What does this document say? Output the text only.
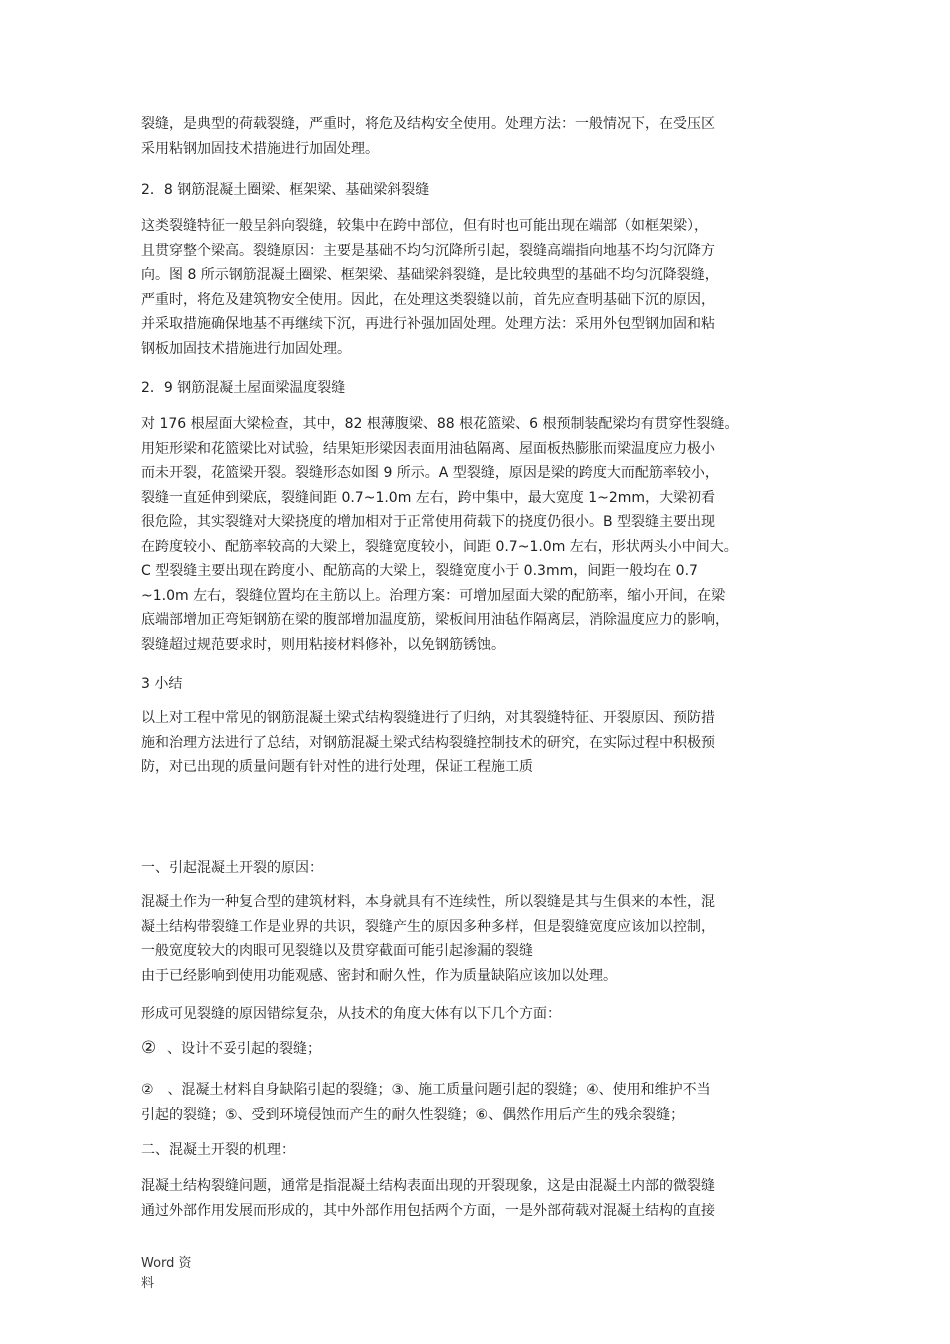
裂缝，是典型的荷载裂缝，严重时，将危及结构安全使用。处理方法：一般情况下，在受压区

采用粘钢加固技术措施进行加固处理。

2．8 钢筋混凝土圈梁、框架梁、基础梁斜裂缝

这类裂缝特征一般呈斜向裂缝，较集中在跨中部位，但有时也可能出现在端部（如框架梁），

且贯穿整个梁高。裂缝原因：主要是基础不均匀沉降所引起，裂缝高端指向地基不均匀沉降方

向。图 8 所示钢筋混凝土圈梁、框架梁、基础梁斜裂缝，是比较典型的基础不均匀沉降裂缝，

严重时，将危及建筑物安全使用。因此，在处理这类裂缝以前，首先应查明基础下沉的原因，

并采取措施确保地基不再继续下沉，再进行补强加固处理。处理方法：采用外包型钢加固和粘

钢板加固技术措施进行加固处理。

2．9 钢筋混凝土屋面梁温度裂缝

对 176 根屋面大梁检查，其中，82 根薄腹梁、88 根花篮梁、6 根预制装配梁均有贯穿性裂缝。

用矩形梁和花篮梁比对试验，结果矩形梁因表面用油毡隔离、屋面板热膨胀而梁温度应力极小

而未开裂，花篮梁开裂。裂缝形态如图 9 所示。A 型裂缝，原因是梁的跨度大而配筋率较小，

裂缝一直延伸到梁底，裂缝间距 0.7~1.0m 左右，跨中集中，最大宽度 1~2mm，大梁初看

很危险，其实裂缝对大梁挠度的增加相对于正常使用荷载下的挠度仍很小。B 型裂缝主要出现

在跨度较小、配筋率较高的大梁上，裂缝宽度较小，间距 0.7~1.0m 左右，形状两头小中间大。

C 型裂缝主要出现在跨度小、配筋高的大梁上，裂缝宽度小于 0.3mm，间距一般均在 0.7

~1.0m 左右，裂缝位置均在主筋以上。治理方案：可增加屋面大梁的配筋率，缩小开间，在梁

底端部增加正弯矩钢筋在梁的腹部增加温度筋，梁板间用油毡作隔离层，消除温度应力的影响，

裂缝超过规范要求时，则用粘接材料修补，以免钢筋锈蚀。

3 小结

以上对工程中常见的钢筋混凝土梁式结构裂缝进行了归纳，对其裂缝特征、开裂原因、预防措

施和治理方法进行了总结，对钢筋混凝土梁式结构裂缝控制技术的研究，在实际过程中积极预

防，对已出现的质量问题有针对性的进行处理，保证工程施工质

一、引起混凝土开裂的原因：

混凝土作为一种复合型的建筑材料，本身就具有不连续性，所以裂缝是其与生俱来的本性，混

凝土结构带裂缝工作是业界的共识，裂缝产生的原因多种多样，但是裂缝宽度应该加以控制，

一般宽度较大的肉眼可见裂缝以及贯穿截面可能引起渗漏的裂缝

由于已经影响到使用功能观感、密封和耐久性，作为质量缺陷应该加以处理。

形成可见裂缝的原因错综复杂，从技术的角度大体有以下几个方面：

② 、设计不妥引起的裂缝；

②　、混凝土材料自身缺陷引起的裂缝；③、施工质量问题引起的裂缝；④、使用和维护不当

引起的裂缝；⑤、受到环境侵蚀而产生的耐久性裂缝；⑥、偶然作用后产生的残余裂缝；

二、混凝土开裂的机理：

混凝土结构裂缝问题，通常是指混凝土结构表面出现的开裂现象，这是由混凝土内部的微裂缝

通过外部作用发展而形成的，其中外部作用包括两个方面，一是外部荷载对混凝土结构的直接

Word 资

料
